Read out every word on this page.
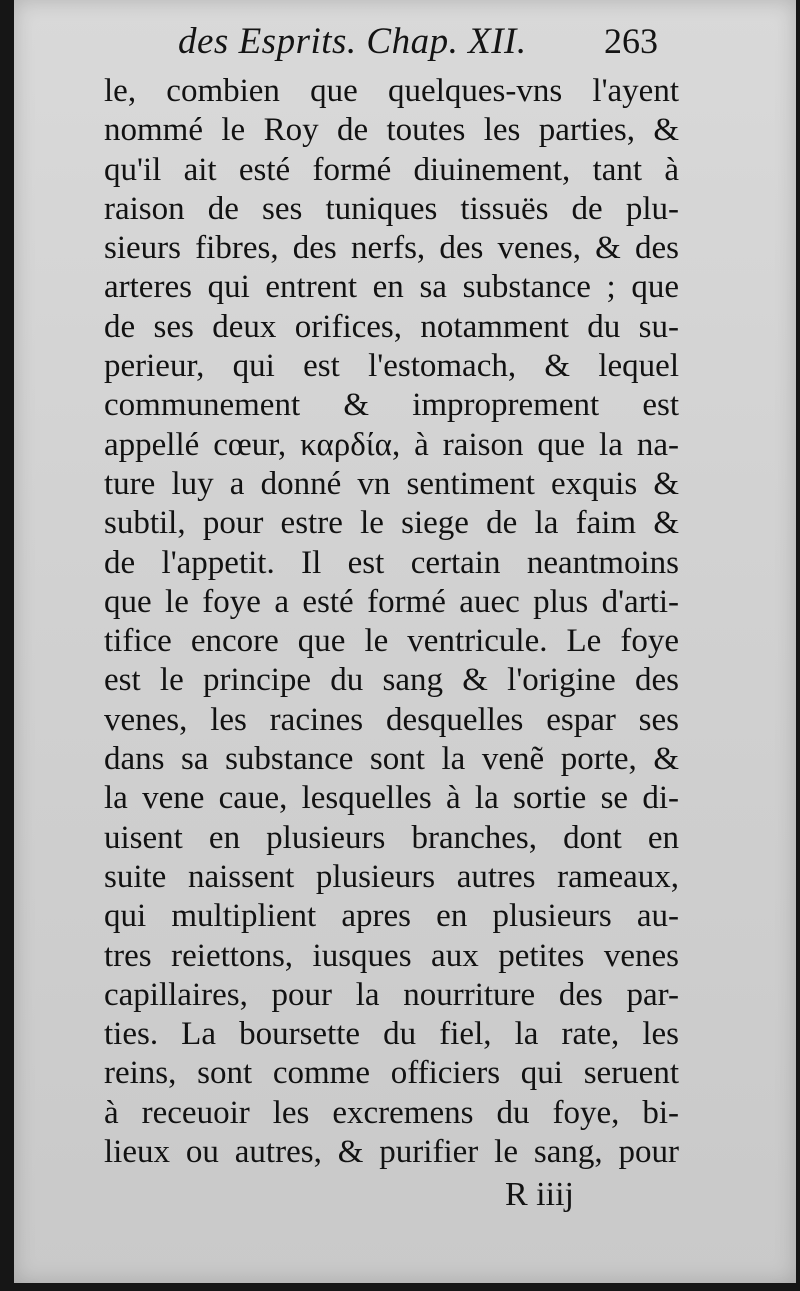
des Esprits. Chap. XII. 263
le, combien que quelques-vns l'ayent
nommé le Roy de toutes les parties, &
qu'il ait esté formé diuinement, tant à
raison de ses tuniques tissuës de plu-
sieurs fibres, des nerfs, des venes, & des
arteres qui entrent en sa substance ; que
de ses deux orifices, notamment du su-
perieur, qui est l'estomach, & lequel
communement & improprement est
appellé cœur, καρδία, à raison que la na-
ture luy a donné vn sentiment exquis &
subtil, pour estre le siege de la faim &
de l'appetit. Il est certain neantmoins
que le foye a esté formé auec plus d'arti-
tifice encore que le ventricule. Le foye
est le principe du sang & l'origine des
venes, les racines desquelles espar ses
dans sa substance sont la venẽ porte, &
la vene caue, lesquelles à la sortie se di-
uisent en plusieurs branches, dont en
suite naissent plusieurs autres rameaux,
qui multiplient apres en plusieurs au-
tres reiettons, iusques aux petites venes
capillaires, pour la nourriture des par-
ties. La boursette du fiel, la rate, les
reins, sont comme officiers qui seruent
à receuoir les excremens du foye, bi-
lieux ou autres, & purifier le sang, pour
R iiij
